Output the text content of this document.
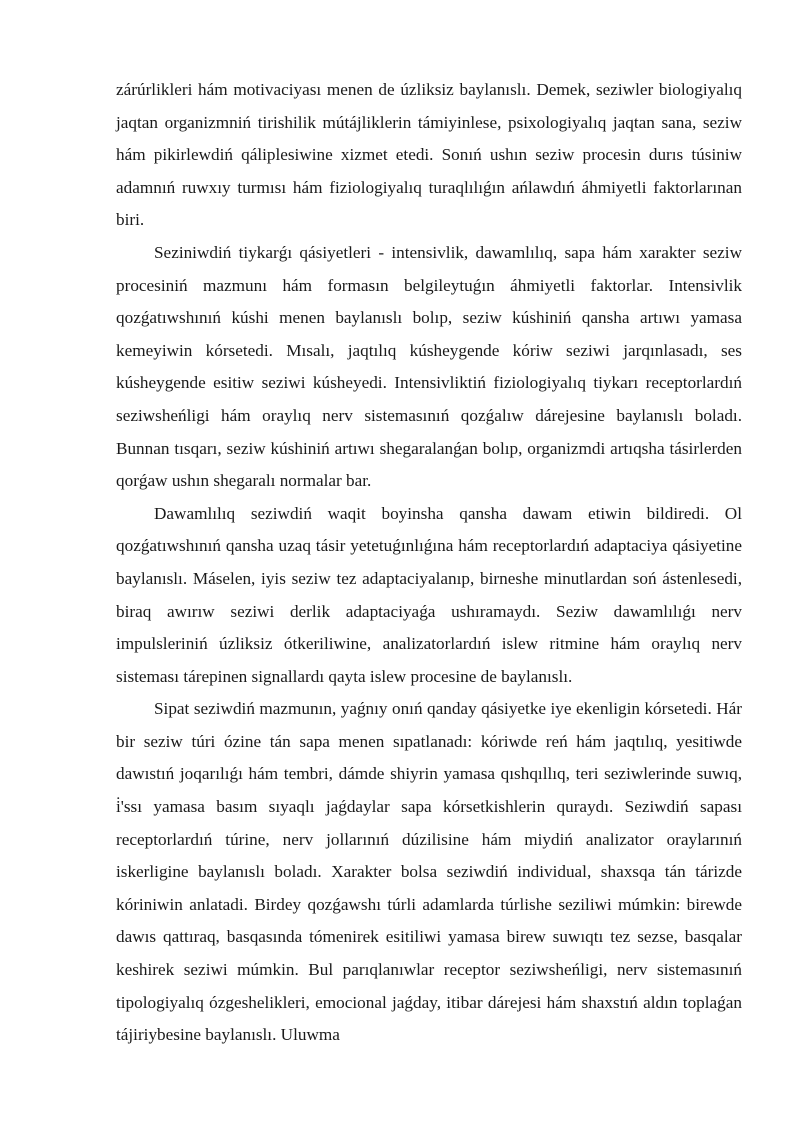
zárúrlikleri hám motivaciyası menen de úzliksiz baylanıslı. Demek, seziwler biologiyalıq jaqtan organizmniń tirishilik mútájliklerin támiyinlese, psixologiyalıq jaqtan sana, seziw hám pikirlewdiń qáliplesiwine xizmet etedi. Sonıń ushın seziw procesin durıs túsiniw adamnıń ruwxıy turmısı hám fiziologiyalıq turaqlılıǵın ańlawdıń áhmiyetli faktorlarınan biri.

Seziniwdiń tiykarǵı qásiyetleri - intensivlik, dawamlılıq, sapa hám xarakter seziw procesiniń mazmunı hám formasın belgileytuǵın áhmiyetli faktorlar. Intensivlik qozǵatıwshınıń kúshi menen baylanıslı bolıp, seziw kúshiniń qansha artıwı yamasa kemeyiwin kórsetedi. Mısalı, jaqtılıq kúsheygende kóriw seziwi jarqınlasadı, ses kúsheygende esitiw seziwi kúsheyedi. Intensivliktiń fiziologiyalıq tiykarı receptorlardıń seziwsheńligi hám oraylıq nerv sistemasınıń qozǵalıw dárejesine baylanıslı boladı. Bunnan tısqarı, seziw kúshiniń artıwı shegaralanǵan bolıp, organizmdi artıqsha tásirlerden qorǵaw ushın shegaralı normalar bar.

Dawamlılıq seziwdiń waqit boyinsha qansha dawam etiwin bildiredi. Ol qozǵatıwshınıń qansha uzaq tásir yetetuǵınlıǵına hám receptorlardıń adaptaciya qásiyetine baylanıslı. Máselen, iyis seziw tez adaptaciyalanıp, birneshe minutlardan soń ástenlesedi, biraq awırıw seziwi derlik adaptaciyaǵa ushıramaydı. Seziw dawamlılıǵı nerv impulsleriniń úzliksiz ótkeriliwine, analizatorlardıń islew ritmine hám oraylıq nerv sisteması tárepinen signallardı qayta islew procesine de baylanıslı.

Sipat seziwdiń mazmunın, yaǵnıy onıń qanday qásiyetke iye ekenligin kórsetedi. Hár bir seziw túri ózine tán sapa menen sıpatlanadı: kóriwde reń hám jaqtılıq, yesitiwde dawıstıń joqarılıǵı hám tembri, dámde shiyrin yamasa qıshqıllıq, teri seziwlerinde suwıq, i̇'ssı yamasa basım sıyaqlı jaǵdaylar sapa kórsetkishlerin quraydı. Seziwdiń sapası receptorlardıń túrine, nerv jollarınıń dúzilisine hám miydiń analizator oraylarınıń iskerligine baylanıslı boladı. Xarakter bolsa seziwdiń individual, shaxsqa tán tárizde kóriniwin anlatadi. Birdey qozǵawshı túrli adamlarda túrlishe seziliwi múmkin: birewde dawıs qattıraq, basqasında tómenirek esitiliwi yamasa birew suwıqtı tez sezse, basqalar keshirek seziwi múmkin. Bul parıqlanıwlar receptor seziwsheńligi, nerv sistemasınıń tipologiyalıq ózgeshelikleri, emocional jaǵday, itibar dárejesi hám shaxstıń aldın toplaǵan tájiriybesine baylanıslı. Uluwma
